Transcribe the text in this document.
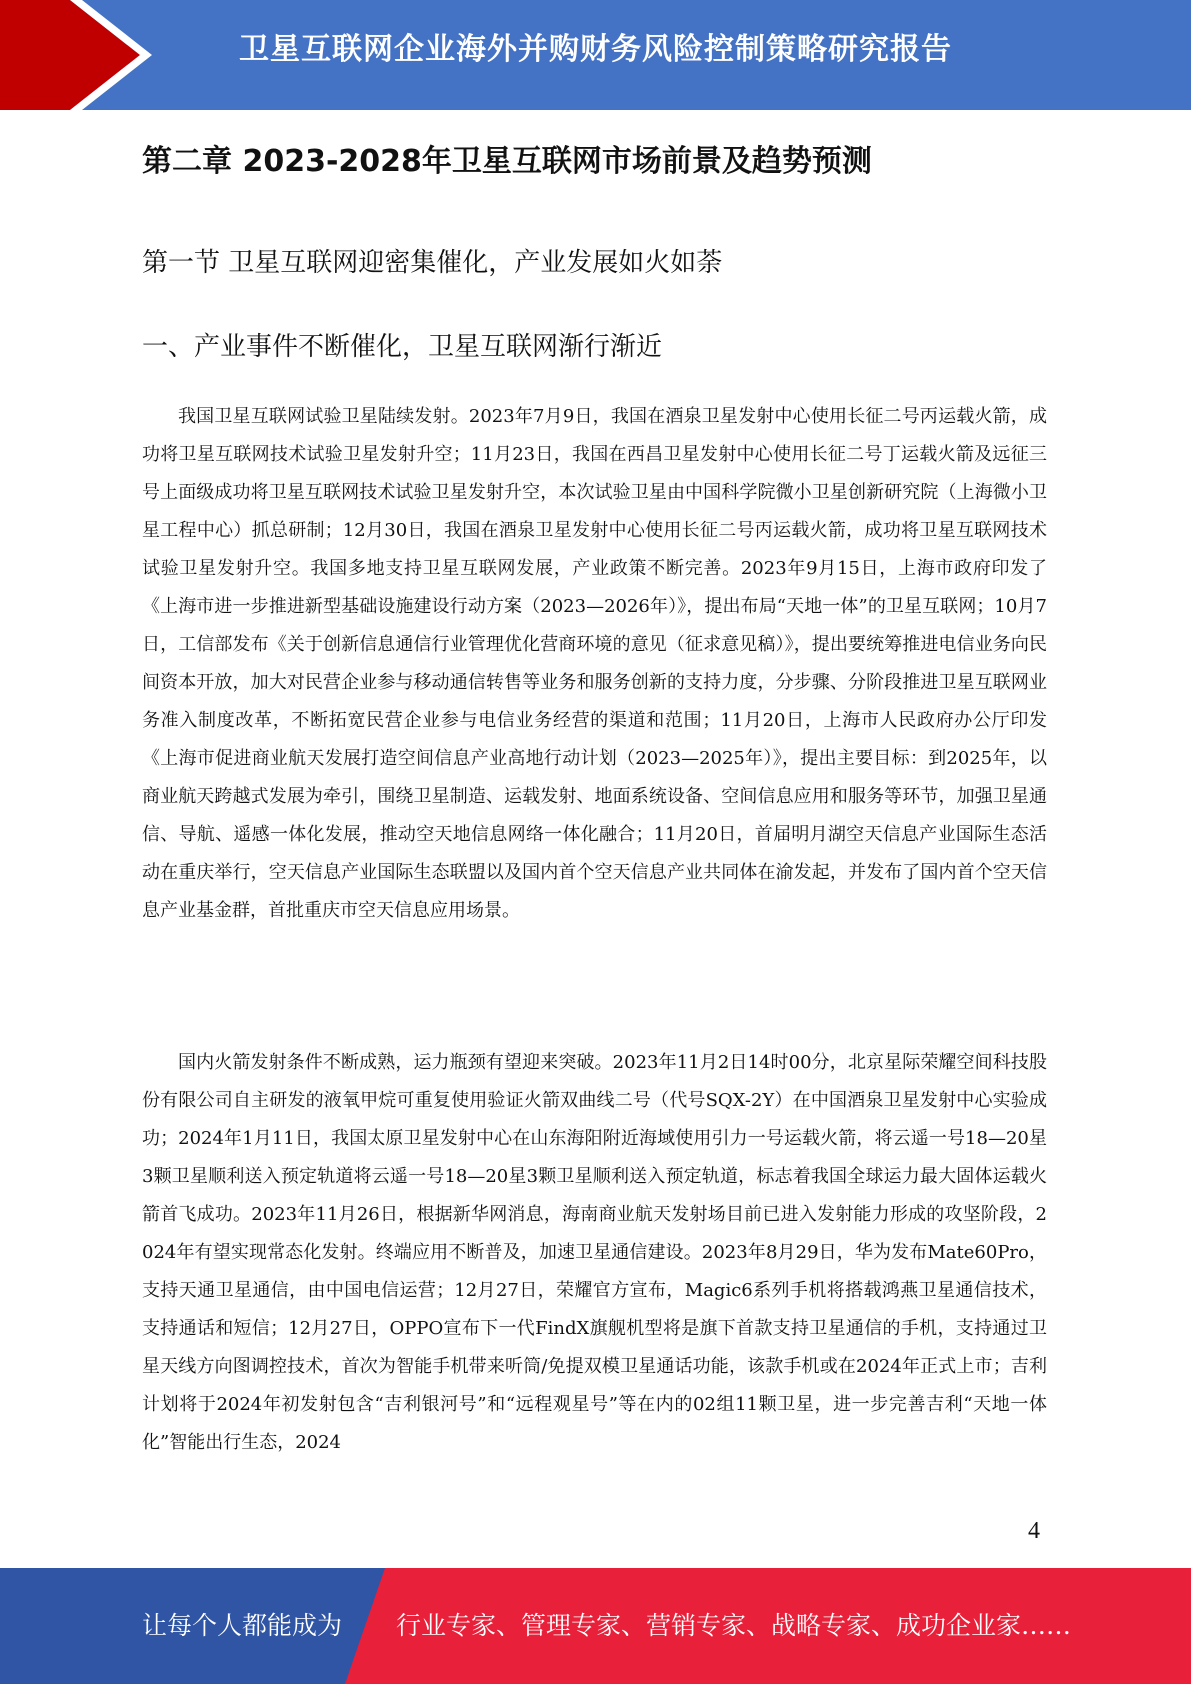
卫星互联网企业海外并购财务风险控制策略研究报告
第二章 2023-2028年卫星互联网市场前景及趋势预测
第一节 卫星互联网迎密集催化，产业发展如火如荼
一、产业事件不断催化，卫星互联网渐行渐近

我国卫星互联网试验卫星陆续发射。2023年7月9日，我国在酒泉卫星发射中心使用长征二号丙运载火箭，成功将卫星互联网技术试验卫星发射升空；11月23日，我国在西昌卫星发射中心使用长征二号丁运载火箭及远征三号上面级成功将卫星互联网技术试验卫星发射升空，本次试验卫星由中国科学院微小卫星创新研究院（上海微小卫星工程中心）抓总研制；12月30日，我国在酒泉卫星发射中心使用长征二号丙运载火箭，成功将卫星互联网技术试验卫星发射升空。我国多地支持卫星互联网发展，产业政策不断完善。2023年9月15日，上海市政府印发了《上海市进一步推进新型基础设施建设行动方案（2023—2026年）》，提出布局“天地一体”的卫星互联网；10月7日，工信部发布《关于创新信息通信行业管理优化营商环境的意见（征求意见稿）》，提出要统筹推进电信业务向民间资本开放，加大对民营企业参与移动通信转售等业务和服务创新的支持力度，分步骤、分阶段推进卫星互联网业务准入制度改革，不断拓宽民营企业参与电信业务经营的渠道和范围；11月20日，上海市人民政府办公厅印发《上海市促进商业航天发展打造空间信息产业高地行动计划（2023—2025年）》，提出主要目标：到2025年，以商业航天跨越式发展为牵引，围绕卫星制造、运载发射、地面系统设备、空间信息应用和服务等环节，加强卫星通信、导航、遥感一体化发展，推动空天地信息网络一体化融合；11月20日，首届明月湖空天信息产业国际生态活动在重庆举行，空天信息产业国际生态联盟以及国内首个空天信息产业共同体在渝发起，并发布了国内首个空天信息产业基金群，首批重庆市空天信息应用场景。

国内火箭发射条件不断成熟，运力瓶颈有望迎来突破。2023年11月2日14时00分，北京星际荣耀空间科技股份有限公司自主研发的液氧甲烷可重复使用验证火箭双曲线二号（代号SQX-2Y）在中国酒泉卫星发射中心实验成功；2024年1月11日，我国太原卫星发射中心在山东海阳附近海域使用引力一号运载火箭，将云遥一号18—20星3颗卫星顺利送入预定轨道将云遥一号18—20星3颗卫星顺利送入预定轨道，标志着我国全球运力最大固体运载火箭首飞成功。2023年11月26日，根据新华网消息，海南商业航天发射场目前已进入发射能力形成的攻坚阶段，2024年有望实现常态化发射。终端应用不断普及，加速卫星通信建设。2023年8月29日，华为发布Mate60Pro，支持天通卫星通信，由中国电信运营；12月27日，荣耀官方宣布，Magic6系列手机将搭载鸿燕卫星通信技术，支持通话和短信；12月27日，OPPO宣布下一代FindX旗舰机型将是旗下首款支持卫星通信的手机，支持通过卫星天线方向图调控技术，首次为智能手机带来听筒/免提双模卫星通话功能，该款手机或在2024年正式上市；吉利计划将于2024年初发射包含“吉利银河号”和“远程观星号”等在内的02组11颗卫星，进一步完善吉利“天地一体化”智能出行生态，2024

4
让每个人都能成为 行业专家、管理专家、营销专家、战略专家、成功企业家……
